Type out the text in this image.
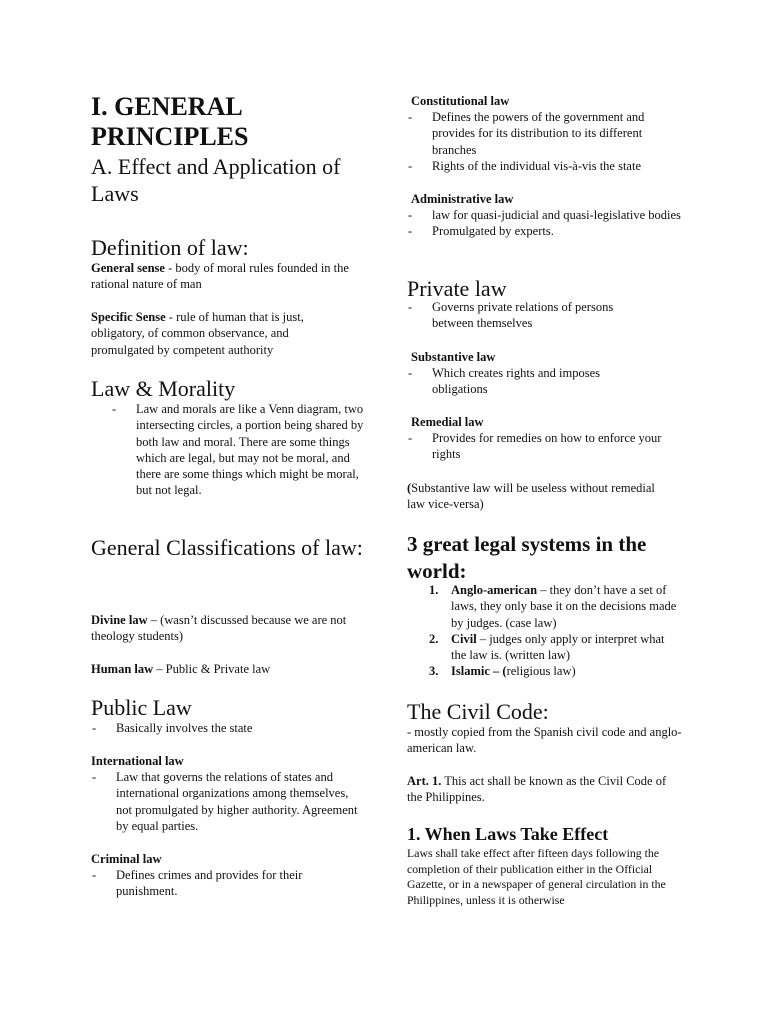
I. GENERAL
PRINCIPLES
A. Effect and Application of
Laws
Definition of law:
General sense - body of moral rules founded in the rational nature of man
Specific Sense - rule of human that is just, obligatory, of common observance, and promulgated by competent authority
Law & Morality
- Law and morals are like a Venn diagram, two intersecting circles, a portion being shared by both law and moral. There are some things which are legal, but may not be moral, and there are some things which might be moral, but not legal.
General Classifications of law:
Divine law – (wasn’t discussed because we are not theology students)
Human law – Public & Private law
Public Law
- Basically involves the state
International law
- Law that governs the relations of states and international organizations among themselves, not promulgated by higher authority. Agreement by equal parties.
Criminal law
- Defines crimes and provides for their punishment.
Constitutional law
- Defines the powers of the government and provides for its distribution to its different branches
- Rights of the individual vis-à-vis the state
Administrative law
- law for quasi-judicial and quasi-legislative bodies
- Promulgated by experts.
Private law
- Governs private relations of persons between themselves
Substantive law
- Which creates rights and imposes obligations
Remedial law
- Provides for remedies on how to enforce your rights
(Substantive law will be useless without remedial law vice-versa)
3 great legal systems in the world:
1. Anglo-american – they don’t have a set of laws, they only base it on the decisions made by judges. (case law)
2. Civil – judges only apply or interpret what the law is. (written law)
3. Islamic – (religious law)
The Civil Code:
- mostly copied from the Spanish civil code and anglo-american law.
Art. 1. This act shall be known as the Civil Code of the Philippines.
1. When Laws Take Effect
Laws shall take effect after fifteen days following the completion of their publication either in the Official Gazette, or in a newspaper of general circulation in the Philippines, unless it is otherwise
